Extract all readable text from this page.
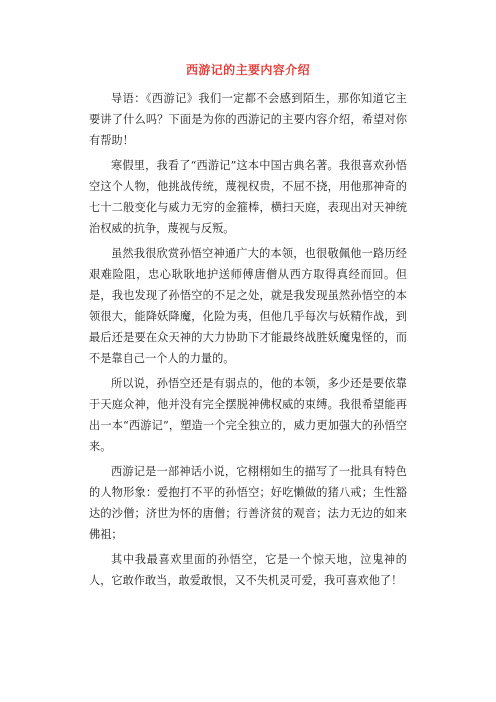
西游记的主要内容介绍

导语：《西游记》我们一定都不会感到陌生，那你知道它主要讲了什么吗？下面是为你的西游记的主要内容介绍，希望对你有帮助！

寒假里，我看了“西游记”这本中国古典名著。我很喜欢孙悟空这个人物，他挑战传统，蔑视权贵，不屈不挠，用他那神奇的七十二般变化与威力无穷的金箍棒，横扫天庭，表现出对天神统治权威的抗争，蔑视与反叛。

虽然我很欣赏孙悟空神通广大的本领，也很敬佩他一路历经艰难险阻，忠心耿耿地护送师傅唐僧从西方取得真经而回。但是，我也发现了孙悟空的不足之处，就是我发现虽然孙悟空的本领很大，能降妖降魔，化险为夷，但他几乎每次与妖精作战，到最后还是要在众天神的大力协助下才能最终战胜妖魔鬼怪的，而不是靠自己一个人的力量的。

所以说，孙悟空还是有弱点的，他的本领，多少还是要依靠于天庭众神，他并没有完全摆脱神佛权威的束缚。我很希望能再出一本“西游记”，塑造一个完全独立的，威力更加强大的孙悟空来。

西游记是一部神话小说，它栩栩如生的描写了一批具有特色的人物形象：爱抱打不平的孙悟空；好吃懒做的猪八戒；生性豁达的沙僧；济世为怀的唐僧；行善济贫的观音；法力无边的如来佛祖；

其中我最喜欢里面的孙悟空，它是一个惊天地，泣鬼神的人，它敢作敢当，敢爱敢恨，又不失机灵可爱，我可喜欢他了！
